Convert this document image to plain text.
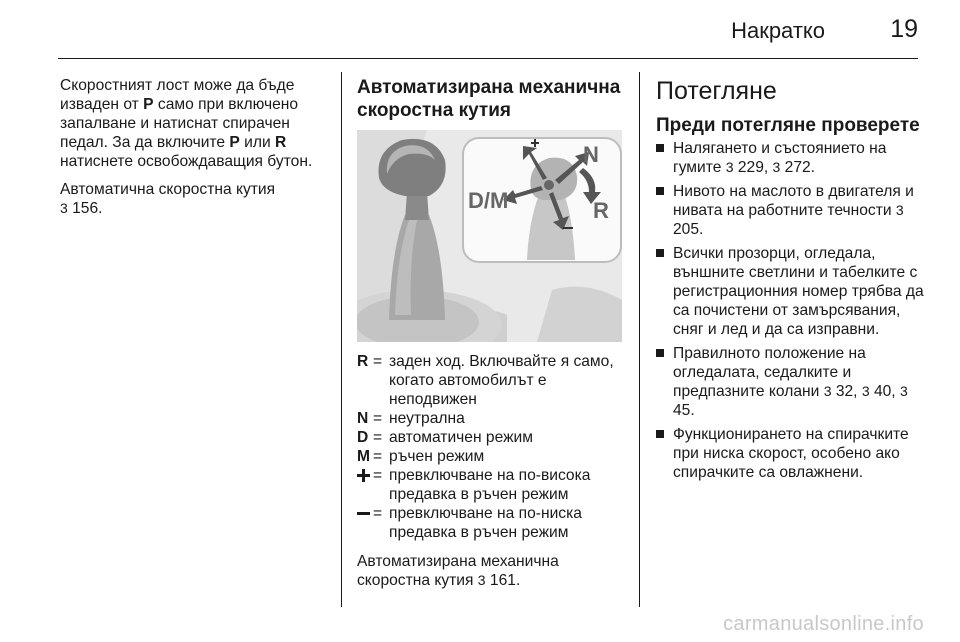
Накратко	19

Скоростният лост може да бъде изваден от P само при включено запалване и натиснат спирачен педал. За да включите P или R натиснете освобождаващия бутон.

Автоматична скоростна кутия
3 156.

Автоматизирана механична скоростна кутия
N
R
D/M
R = заден ход. Включвайте я само, когато автомобилът е неподвижен
N = неутрална
D = автоматичен режим
M = ръчен режим
= превключване на по-висока предавка в ръчен режим
= превключване на по-ниска предавка в ръчен режим

Автоматизирана механична скоростна кутия 3 161.

Потегляне
Преди потегляне проверете
Налягането и състоянието на гумите 3 229, 3 272.
Нивото на маслото в двигателя и нивата на работните течности 3 205.
Всички прозорци, огледала, външните светлини и табелките с регистрационния номер трябва да са почистени от замърсявания, сняг и лед и да са изправни.
Правилното положение на огледалата, седалките и предпазните колани 3 32, 3 40, 3 45.
Функционирането на спирачките при ниска скорост, особено ако спирачките са овлажнени.
carmanualsonline.info
